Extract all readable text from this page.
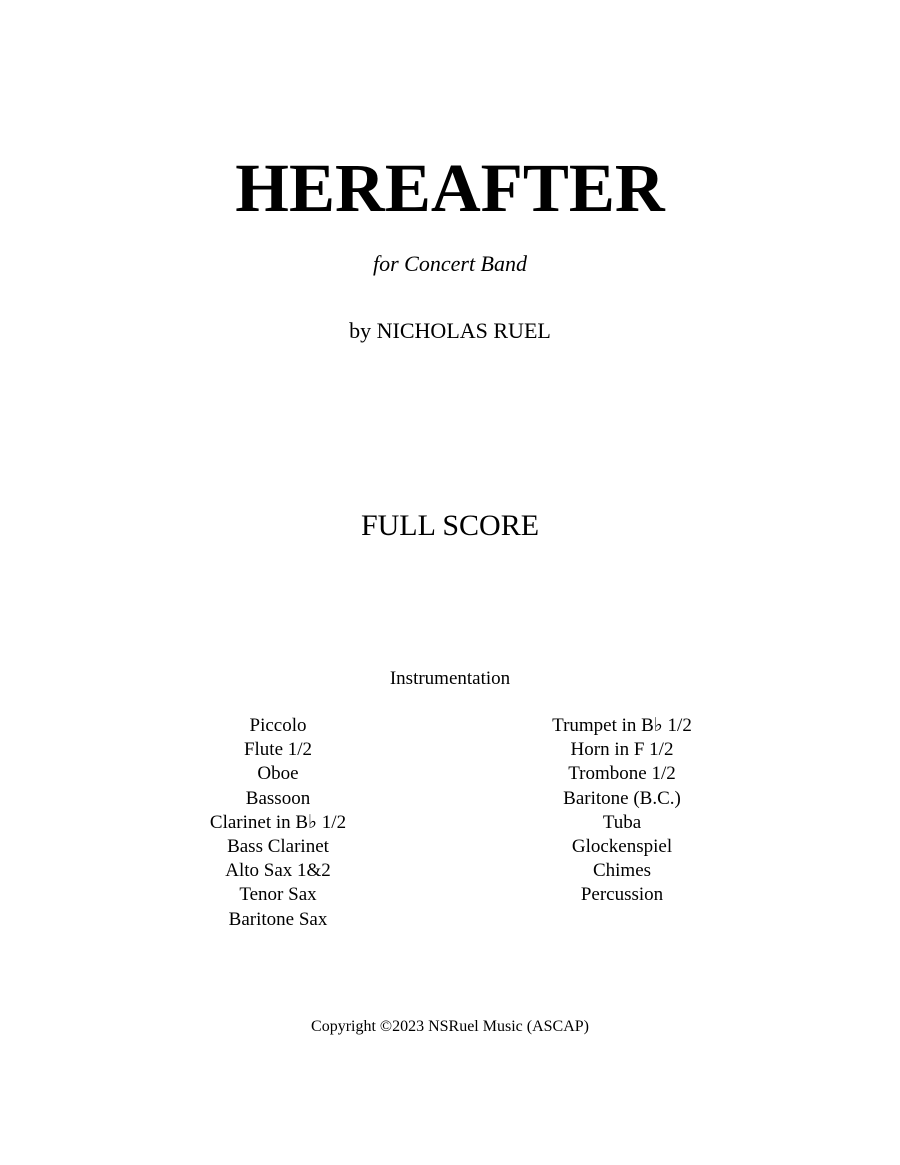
HEREAFTER
for Concert Band
by NICHOLAS RUEL
FULL SCORE
Instrumentation
Piccolo
Flute 1/2
Oboe
Bassoon
Clarinet in B♭ 1/2
Bass Clarinet
Alto Sax 1&2
Tenor Sax
Baritone Sax
Trumpet in B♭ 1/2
Horn in F 1/2
Trombone 1/2
Baritone (B.C.)
Tuba
Glockenspiel
Chimes
Percussion
Copyright ©2023 NSRuel Music (ASCAP)
